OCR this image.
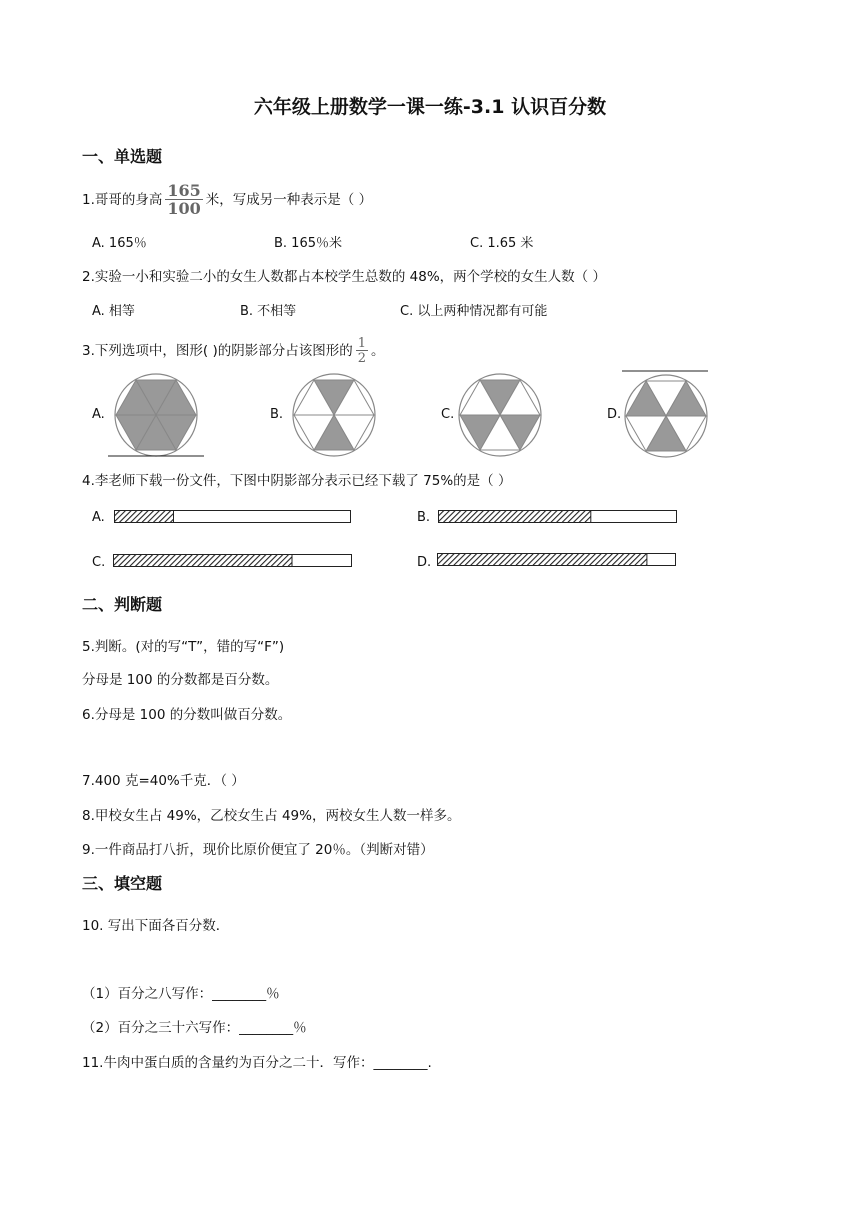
六年级上册数学一课一练-3.1 认识百分数
一、单选题
1.哥哥的身高 $\frac{165}{100}$ 米，写成另一种表示是（ ）
A. 165％	B. 165％米	C. 1.65 米
2.实验一小和实验二小的女生人数都占本校学生总数的 48%，两个学校的女生人数（ ）
A. 相等	B. 不相等	C. 以上两种情况都有可能
3.下列选项中，图形( )的阴影部分占该图形的 $\frac{1}{2}$ 。
A.	B.	C.	D.
4.李老师下载一份文件，下图中阴影部分表示已经下载了 75%的是（ ）
A.	B.
C.	D.
二、判断题
5.判断。(对的写“T”，错的写“F”)
分母是 100 的分数都是百分数。
6.分母是 100 的分数叫做百分数。
7.400 克=40%千克．（ ）
8.甲校女生占 49%，乙校女生占 49%，两校女生人数一样多。
9.一件商品打八折，现价比原价便宜了 20％。（判断对错）
三、填空题
10. 写出下面各百分数．
（1）百分之八写作：________％
（2）百分之三十六写作：________％
11.牛肉中蛋白质的含量约为百分之二十．写作：________.
